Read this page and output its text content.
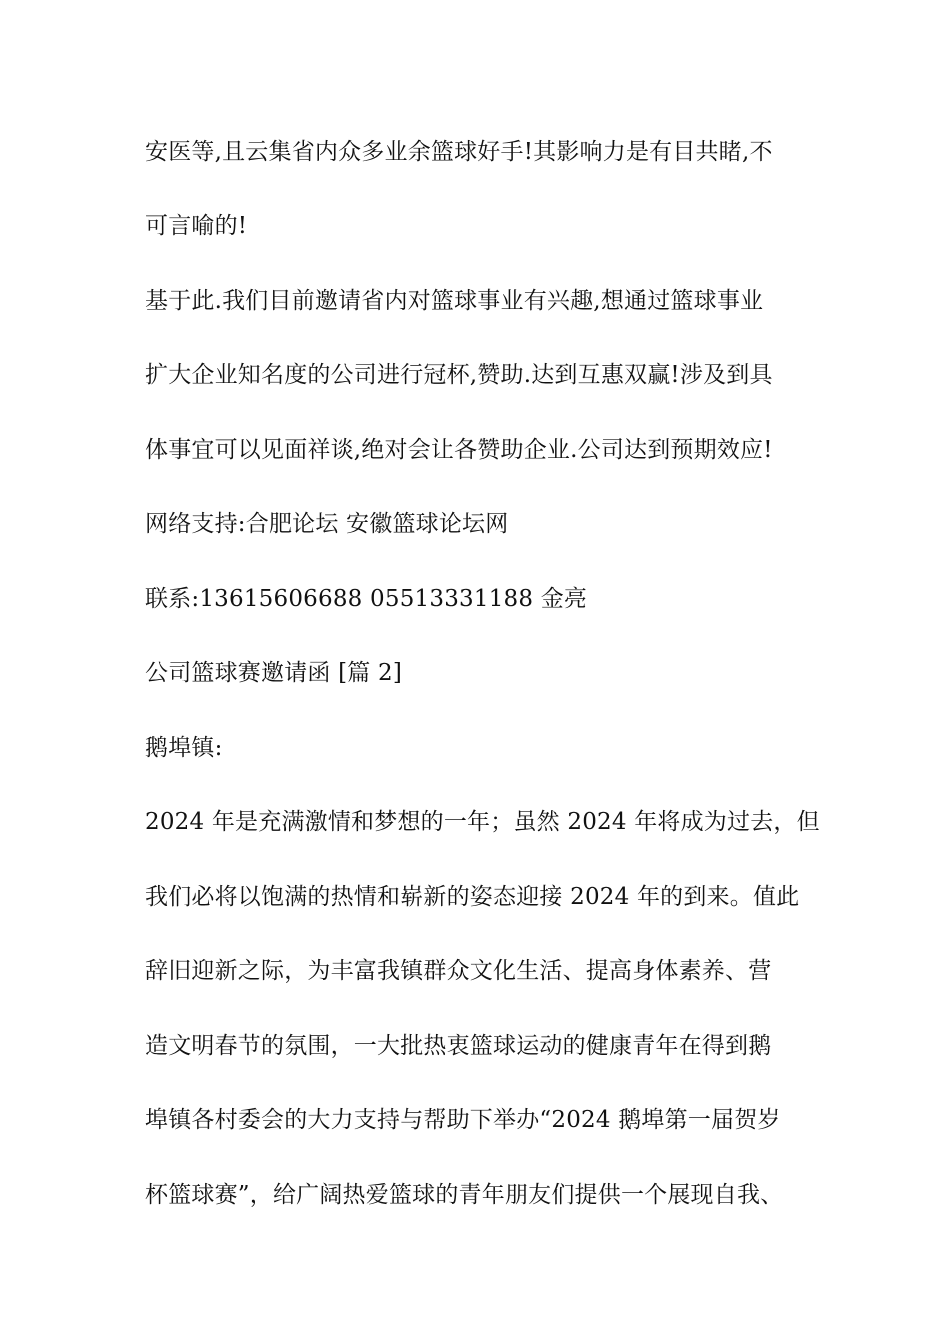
安医等,且云集省内众多业余篮球好手!其影响力是有目共睹,不
可言喻的!
基于此.我们目前邀请省内对篮球事业有兴趣,想通过篮球事业
扩大企业知名度的公司进行冠杯,赞助.达到互惠双赢!涉及到具
体事宜可以见面祥谈,绝对会让各赞助企业.公司达到预期效应!
网络支持:合肥论坛 安徽篮球论坛网
联系:13615606688 05513331188 金亮
公司篮球赛邀请函 [篇 2]
鹅埠镇:
2024 年是充满激情和梦想的一年；虽然 2024 年将成为过去，但
我们必将以饱满的热情和崭新的姿态迎接 2024 年的到来。值此
辞旧迎新之际，为丰富我镇群众文化生活、提高身体素养、营
造文明春节的氛围，一大批热衷篮球运动的健康青年在得到鹅
埠镇各村委会的大力支持与帮助下举办“2024 鹅埠第一届贺岁
杯篮球赛”，给广阔热爱篮球的青年朋友们提供一个展现自我、
